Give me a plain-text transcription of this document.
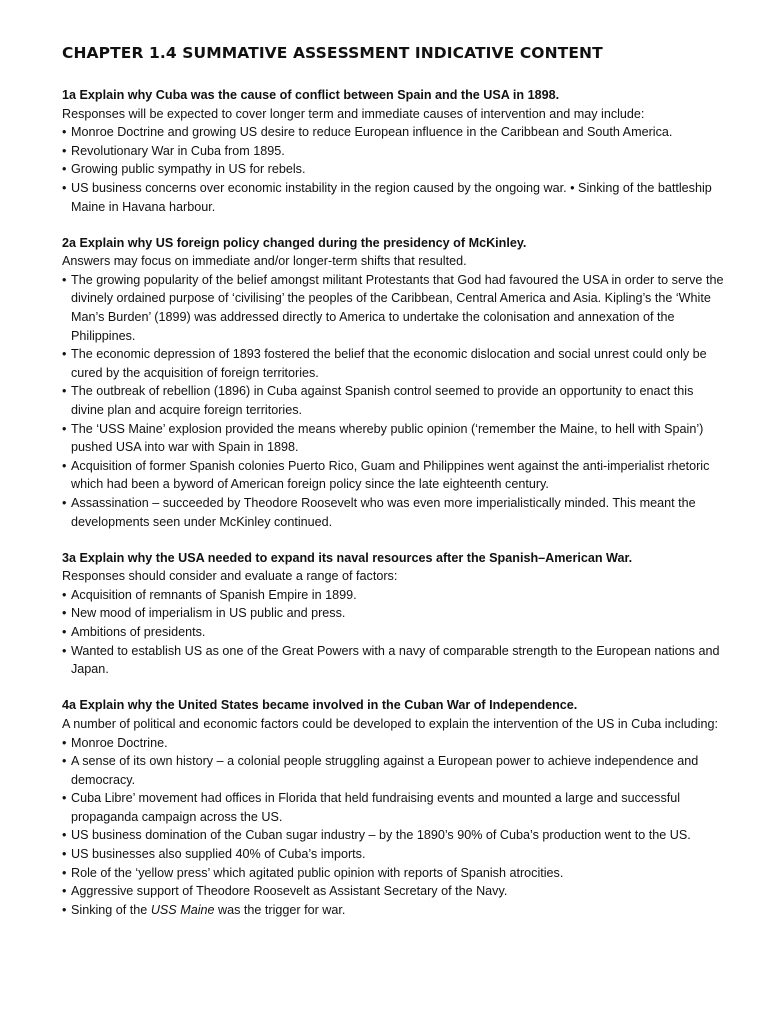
CHAPTER 1.4 SUMMATIVE ASSESSMENT INDICATIVE CONTENT

1a Explain why Cuba was the cause of conflict between Spain and the USA in 1898.

Responses will be expected to cover longer term and immediate causes of intervention and may include:

• Monroe Doctrine and growing US desire to reduce European influence in the Caribbean and South America.
• Revolutionary War in Cuba from 1895.
• Growing public sympathy in US for rebels.
• US business concerns over economic instability in the region caused by the ongoing war. • Sinking of the battleship Maine in Havana harbour.

2a Explain why US foreign policy changed during the presidency of McKinley.

Answers may focus on immediate and/or longer-term shifts that resulted.

• The growing popularity of the belief amongst militant Protestants that God had favoured the USA in order to serve the divinely ordained purpose of ‘civilising’ the peoples of the Caribbean, Central America and Asia. Kipling’s the ‘White Man’s Burden’ (1899) was addressed directly to America to undertake the colonisation and annexation of the Philippines.
• The economic depression of 1893 fostered the belief that the economic dislocation and social unrest could only be cured by the acquisition of foreign territories.
• The outbreak of rebellion (1896) in Cuba against Spanish control seemed to provide an opportunity to enact this divine plan and acquire foreign territories.
• The ‘USS Maine’ explosion provided the means whereby public opinion (‘remember the Maine, to hell with Spain’) pushed USA into war with Spain in 1898.
• Acquisition of former Spanish colonies Puerto Rico, Guam and Philippines went against the anti-imperialist rhetoric which had been a byword of American foreign policy since the late eighteenth century.
• Assassination – succeeded by Theodore Roosevelt who was even more imperialistically minded. This meant the developments seen under McKinley continued.

3a Explain why the USA needed to expand its naval resources after the Spanish–American War.

Responses should consider and evaluate a range of factors:

• Acquisition of remnants of Spanish Empire in 1899.
• New mood of imperialism in US public and press.
• Ambitions of presidents.
• Wanted to establish US as one of the Great Powers with a navy of comparable strength to the European nations and Japan.

4a Explain why the United States became involved in the Cuban War of Independence.

A number of political and economic factors could be developed to explain the intervention of the US in Cuba including:

• Monroe Doctrine.
• A sense of its own history – a colonial people struggling against a European power to achieve independence and democracy.
• Cuba Libre’ movement had offices in Florida that held fundraising events and mounted a large and successful propaganda campaign across the US.
• US business domination of the Cuban sugar industry – by the 1890’s 90% of Cuba’s production went to the US.
• US businesses also supplied 40% of Cuba’s imports.
• Role of the ‘yellow press’ which agitated public opinion with reports of Spanish atrocities.
• Aggressive support of Theodore Roosevelt as Assistant Secretary of the Navy.
• Sinking of the USS Maine was the trigger for war.
